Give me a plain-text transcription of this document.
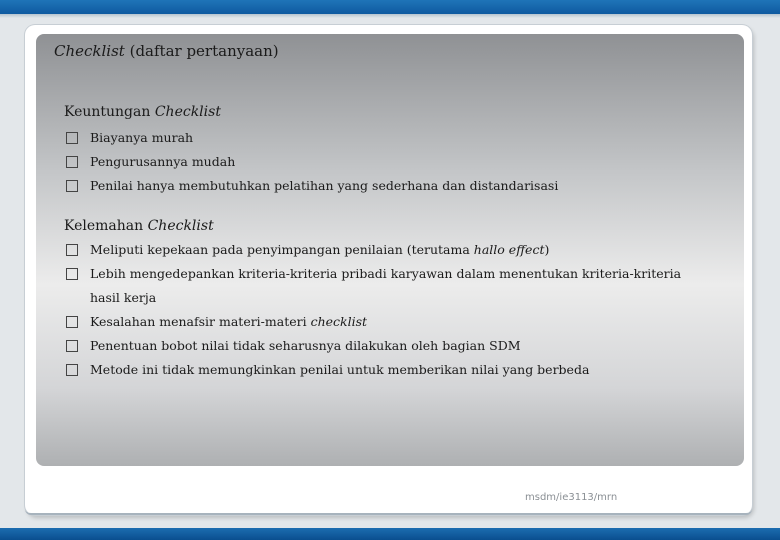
Checklist (daftar pertanyaan)
Keuntungan Checklist
Biayanya murah
Pengurusannya mudah
Penilai hanya membutuhkan pelatihan yang sederhana dan distandarisasi
Kelemahan Checklist
Meliputi kepekaan pada penyimpangan penilaian (terutama hallo effect)
Lebih mengedepankan kriteria-kriteria pribadi karyawan dalam menentukan kriteria-kriteria hasil kerja
Kesalahan menafsir materi-materi checklist
Penentuan bobot nilai tidak seharusnya dilakukan oleh bagian SDM
Metode ini tidak memungkinkan penilai untuk memberikan nilai yang berbeda
msdm/ie3113/mrn
